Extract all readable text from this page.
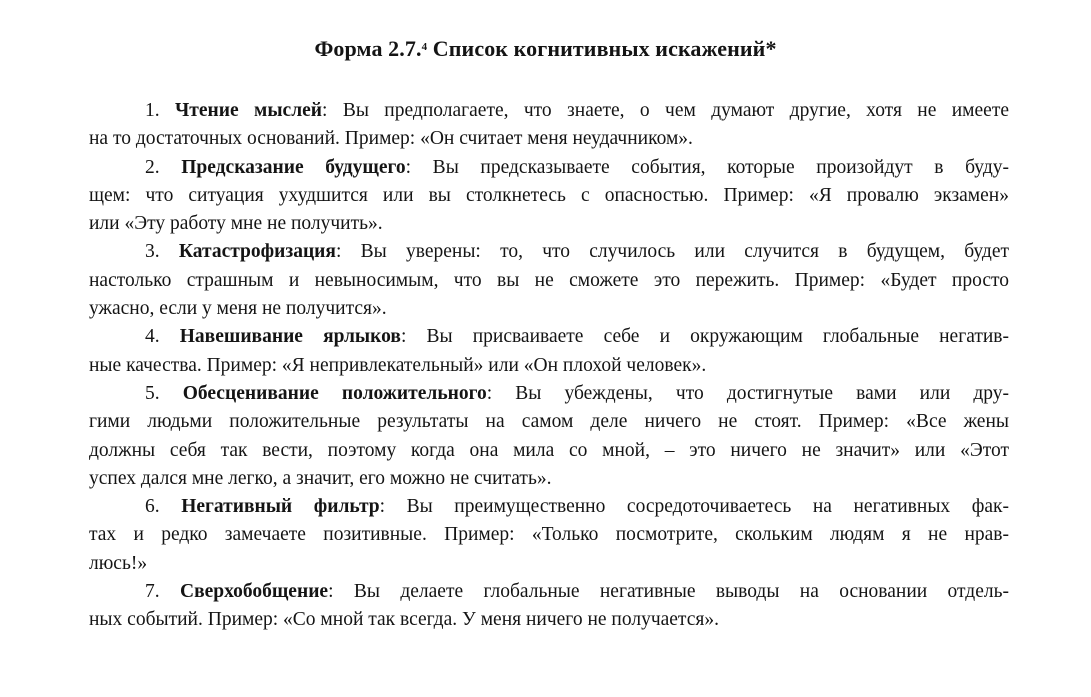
Форма 2.7.$^4$ Список когнитивных искажений*
1. Чтение мыслей: Вы предполагаете, что знаете, о чем думают другие, хотя не имеете
на то достаточных оснований. Пример: «Он считает меня неудачником».
2. Предсказание будущего: Вы предсказываете события, которые произойдут в буду-
щем: что ситуация ухудшится или вы столкнетесь с опасностью. Пример: «Я провалю экзамен»
или «Эту работу мне не получить».
3. Катастрофизация: Вы уверены: то, что случилось или случится в будущем, будет
настолько страшным и невыносимым, что вы не сможете это пережить. Пример: «Будет просто
ужасно, если у меня не получится».
4. Навешивание ярлыков: Вы присваиваете себе и окружающим глобальные негатив-
ные качества. Пример: «Я непривлекательный» или «Он плохой человек».
5. Обесценивание положительного: Вы убеждены, что достигнутые вами или дру-
гими людьми положительные результаты на самом деле ничего не стоят. Пример: «Все жены
должны себя так вести, поэтому когда она мила со мной, – это ничего не значит» или «Этот
успех дался мне легко, а значит, его можно не считать».
6. Негативный фильтр: Вы преимущественно сосредоточиваетесь на негативных фак-
тах и редко замечаете позитивные. Пример: «Только посмотрите, скольким людям я не нрав-
люсь!»
7. Сверхобобщение: Вы делаете глобальные негативные выводы на основании отдель-
ных событий. Пример: «Со мной так всегда. У меня ничего не получается».
